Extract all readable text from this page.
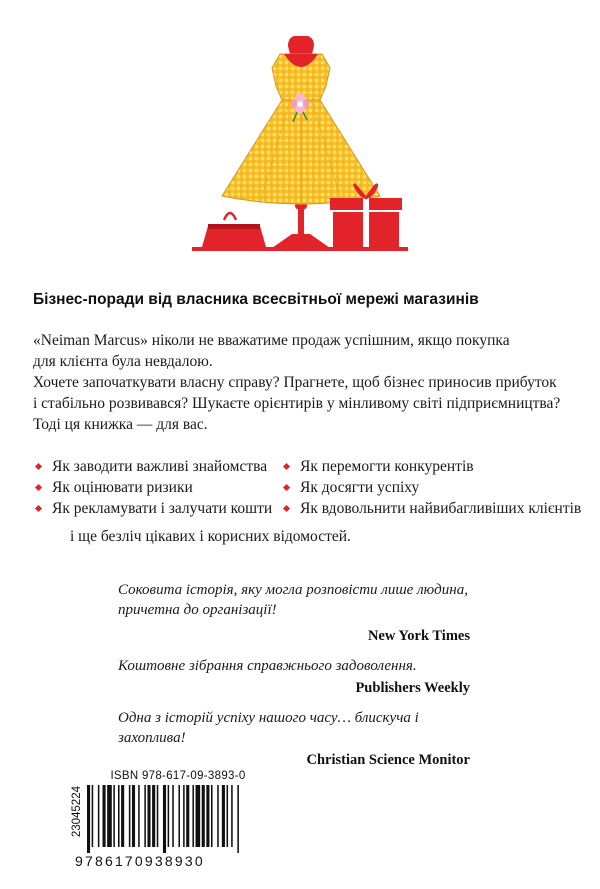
Бізнес-поради від власника всесвітньої мережі магазинів

«Neiman Marcus» ніколи не вважатиме продаж успішним, якщо покупка

для клієнта була невдалою.

Хочете започаткувати власну справу? Прагнете, щоб бізнес приносив прибуток

і стабільно розвивався? Шукаєте орієнтирів у мінливому світі підприємництва?

Тоді ця книжка — для вас.

Як заводити важливі знайомства
Як оцінювати ризики
Як рекламувати і залучати кошти
Як перемогти конкурентів
Як досягти успіху
Як вдовольнити найвибагливіших клієнтів
і ще безліч цікавих і корисних відомостей.
Соковита історія, яку могла розповісти лише людина,
причетна до організації!
New York Times
Коштовне зібрання справжнього задоволення.
Publishers Weekly
Одна з історій успіху нашого часу… блискуча і захоплива!
Christian Science Monitor
ISBN 978-617-09-3893-0
23045224
9786170938930
